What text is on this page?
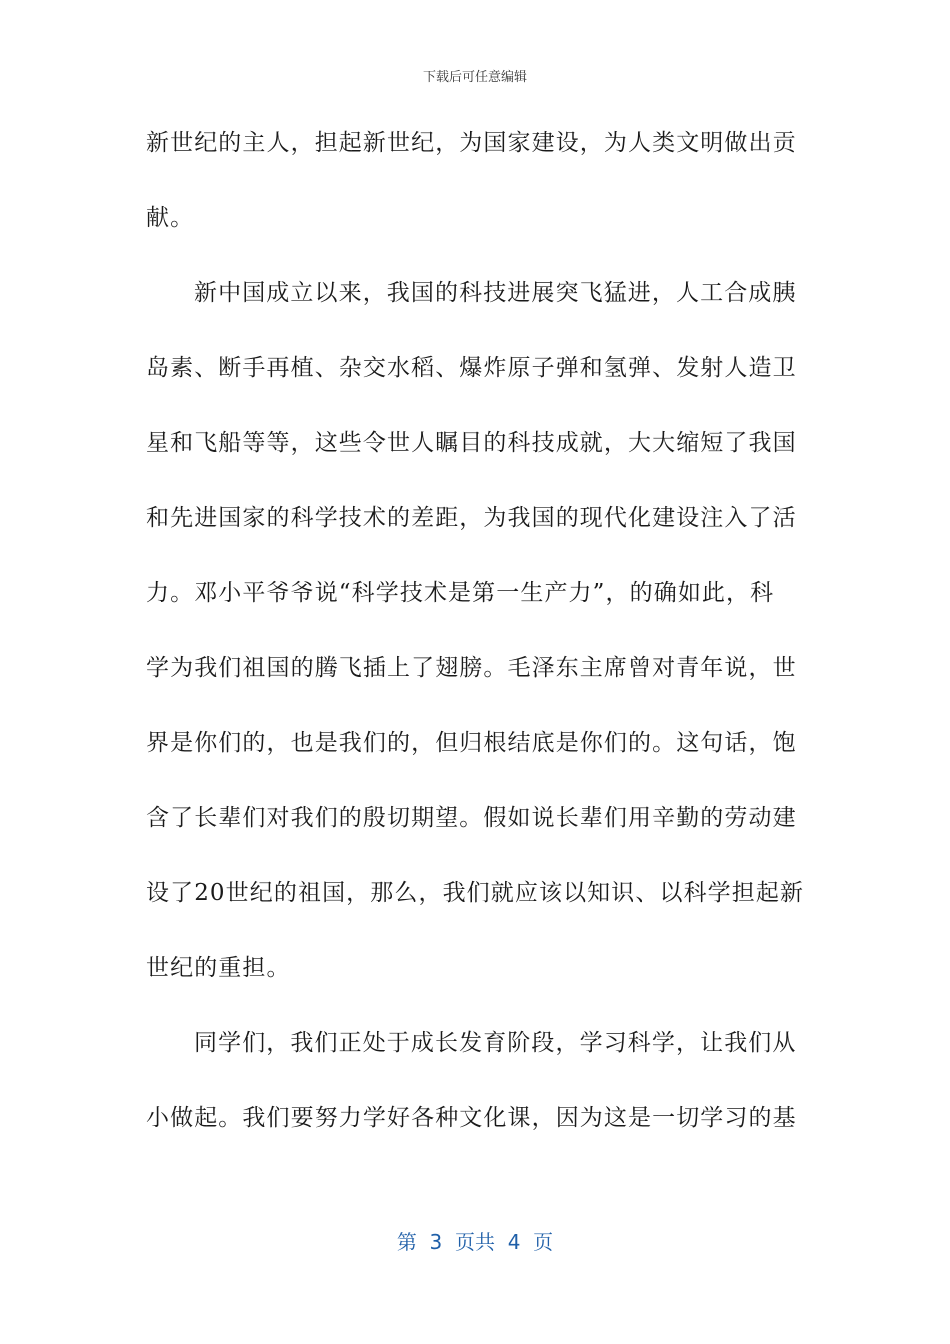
下载后可任意编辑
新世纪的主人，担起新世纪，为国家建设，为人类文明做出贡
献。
新中国成立以来，我国的科技进展突飞猛进，人工合成胰
岛素、断手再植、杂交水稻、爆炸原子弹和氢弹、发射人造卫
星和飞船等等，这些令世人瞩目的科技成就，大大缩短了我国
和先进国家的科学技术的差距，为我国的现代化建设注入了活
力。邓小平爷爷说“科学技术是第一生产力”，的确如此，科
学为我们祖国的腾飞插上了翅膀。毛泽东主席曾对青年说，世
界是你们的，也是我们的，但归根结底是你们的。这句话，饱
含了长辈们对我们的殷切期望。假如说长辈们用辛勤的劳动建
设了20世纪的祖国，那么，我们就应该以知识、以科学担起新
世纪的重担。
同学们，我们正处于成长发育阶段，学习科学，让我们从
小做起。我们要努力学好各种文化课，因为这是一切学习的基
第  3  页共  4  页
